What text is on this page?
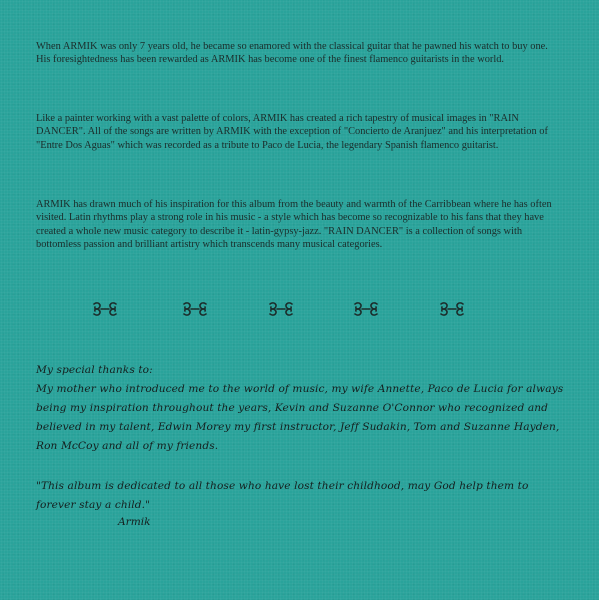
When ARMIK was only 7 years old, he became so enamored with the classical guitar that he pawned his watch to buy one. His foresightedness has been rewarded as ARMIK has become one of the finest flamenco guitarists in the world.

Like a painter working with a vast palette of colors, ARMIK has created a rich tapestry of musical images in "RAIN DANCER". All of the songs are written by ARMIK with the exception of "Concierto de Aranjuez" and his interpretation of "Entre Dos Aguas" which was recorded as a tribute to Paco de Lucia, the legendary Spanish flamenco guitarist.

ARMIK has drawn much of his inspiration for this album from the beauty and warmth of the Carribbean where he has often visited. Latin rhythms play a strong role in his music - a style which has become so recognizable to his fans that they have created a whole new music category to describe it - latin-gypsy-jazz. "RAIN DANCER" is a collection of songs with bottomless passion and brilliant artistry which transcends many musical categories.

My special thanks to:
My mother who introduced me to the world of music, my wife Annette, Paco de Lucia for always being my inspiration throughout the years, Kevin and Suzanne O'Connor who recognized and believed in my talent, Edwin Morey my first instructor, Jeff Sudakin, Tom and Suzanne Hayden, Ron McCoy and all of my friends.

"This album is dedicated to all those who have lost their childhood, may God help them to forever stay a child."

Armik
